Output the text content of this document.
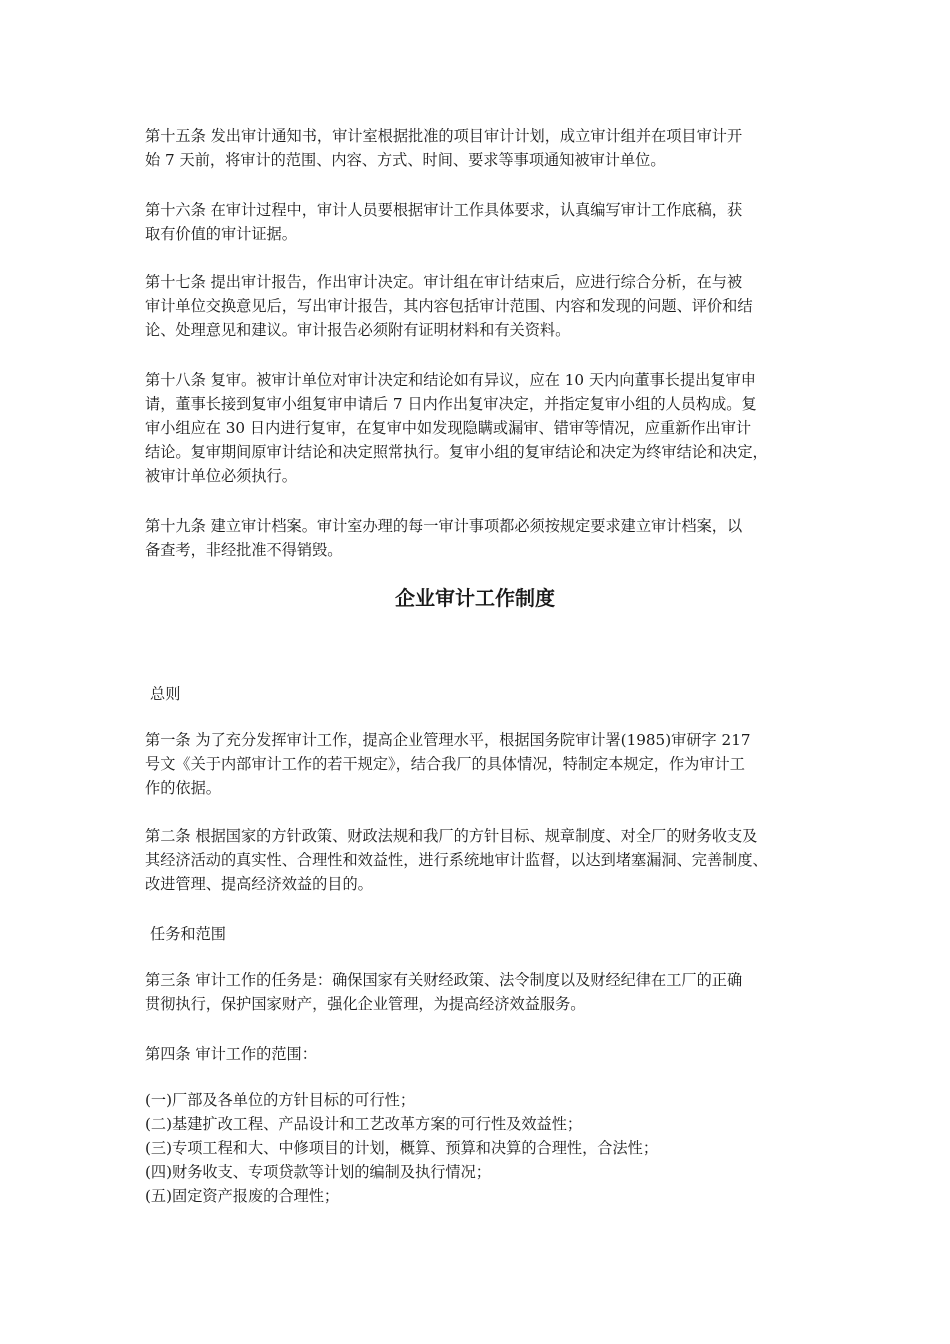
第十五条 发出审计通知书，审计室根据批准的项目审计计划，成立审计组并在项目审计开
始 7 天前，将审计的范围、内容、方式、时间、要求等事项通知被审计单位。

第十六条 在审计过程中，审计人员要根据审计工作具体要求，认真编写审计工作底稿，获
取有价值的审计证据。

第十七条 提出审计报告，作出审计决定。审计组在审计结束后，应进行综合分析，在与被
审计单位交换意见后，写出审计报告，其内容包括审计范围、内容和发现的问题、评价和结
论、处理意见和建议。审计报告必须附有证明材料和有关资料。

第十八条 复审。被审计单位对审计决定和结论如有异议，应在 10 天内向董事长提出复审申
请，董事长接到复审小组复审申请后 7 日内作出复审决定，并指定复审小组的人员构成。复
审小组应在 30 日内进行复审，在复审中如发现隐瞒或漏审、错审等情况，应重新作出审计
结论。复审期间原审计结论和决定照常执行。复审小组的复审结论和决定为终审结论和决定，
被审计单位必须执行。

第十九条 建立审计档案。审计室办理的每一审计事项都必须按规定要求建立审计档案，以
备查考，非经批准不得销毁。

企业审计工作制度

总则

第一条 为了充分发挥审计工作，提高企业管理水平，根据国务院审计署(1985)审研字 217
号文《关于内部审计工作的若干规定》，结合我厂的具体情况，特制定本规定，作为审计工
作的依据。

第二条 根据国家的方针政策、财政法规和我厂的方针目标、规章制度、对全厂的财务收支及
其经济活动的真实性、合理性和效益性，进行系统地审计监督，以达到堵塞漏洞、完善制度、
改进管理、提高经济效益的目的。

任务和范围

第三条 审计工作的任务是：确保国家有关财经政策、法令制度以及财经纪律在工厂的正确
贯彻执行，保护国家财产，强化企业管理，为提高经济效益服务。

第四条 审计工作的范围：

(一)厂部及各单位的方针目标的可行性；
(二)基建扩改工程、产品设计和工艺改革方案的可行性及效益性；
(三)专项工程和大、中修项目的计划，概算、预算和决算的合理性，合法性；
(四)财务收支、专项贷款等计划的编制及执行情况；
(五)固定资产报废的合理性；
